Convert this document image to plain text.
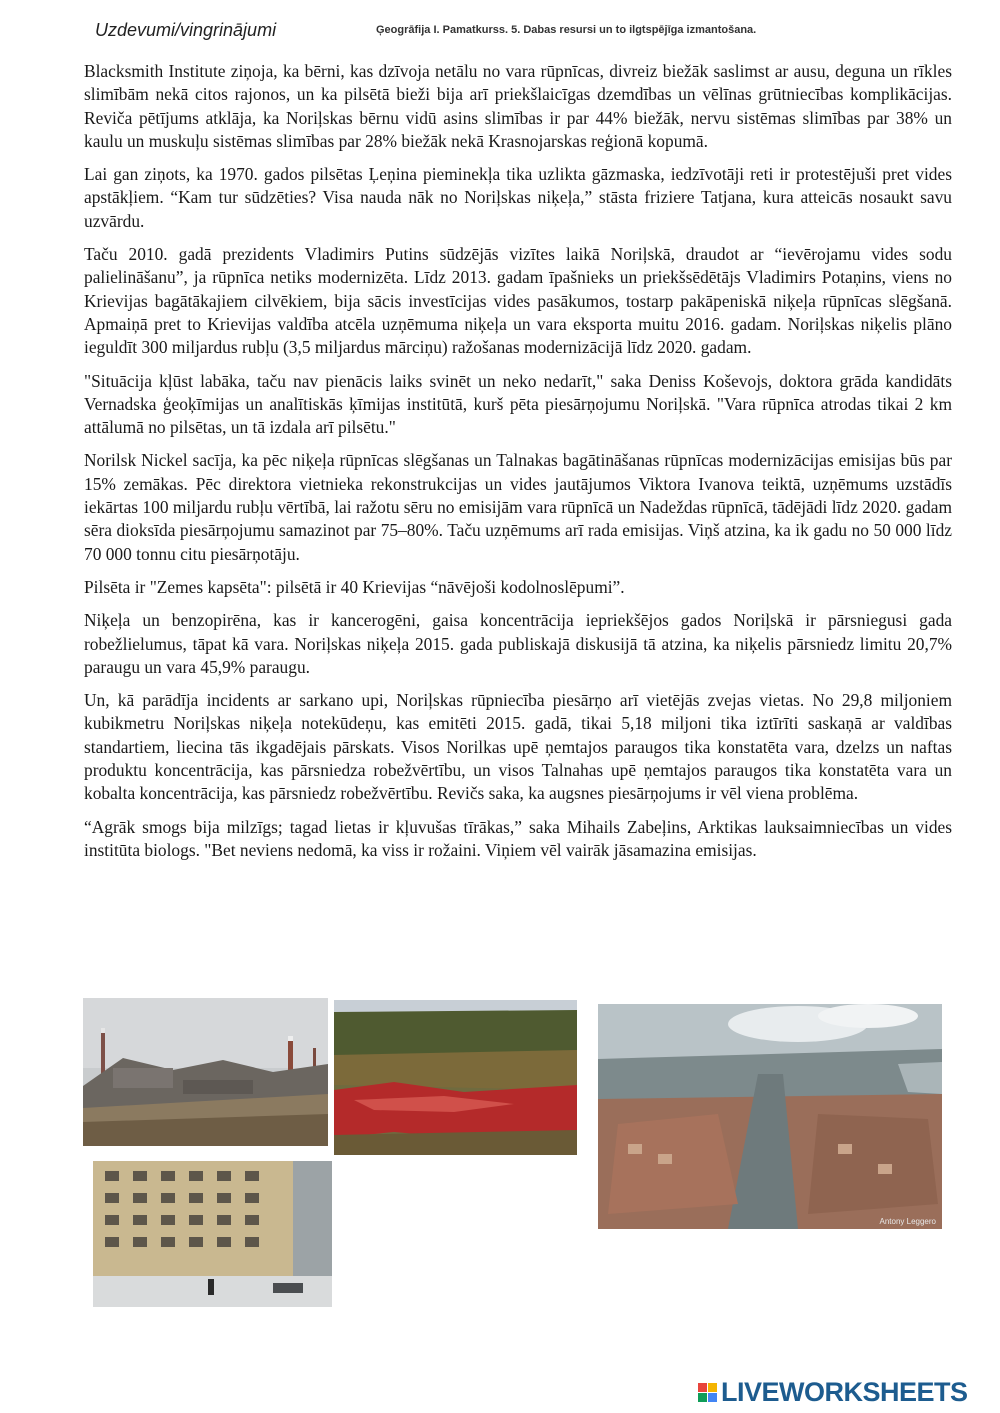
Uzdevumi/vingrinājumi	Ģeogrāfija I. Pamatkurss. 5. Dabas resursi un to ilgtspējīga izmantošana.

Blacksmith Institute ziņoja, ka bērni, kas dzīvoja netālu no vara rūpnīcas, divreiz biežāk saslimst ar ausu, deguna un rīkles slimībām nekā citos rajonos, un ka pilsētā bieži bija arī priekšlaicīgas dzemdības un vēlīnas grūtniecības komplikācijas. Reviča pētījums atklāja, ka Noriļskas bērnu vidū asins slimības ir par 44% biežāk, nervu sistēmas slimības par 38% un kaulu un muskuļu sistēmas slimības par 28% biežāk nekā Krasnojarskas reģionā kopumā.

Lai gan ziņots, ka 1970. gados pilsētas Ļeņina pieminekļa tika uzlikta gāzmaska, iedzīvotāji reti ir protestējuši pret vides apstākļiem. “Kam tur sūdzēties? Visa nauda nāk no Noriļskas niķeļa,” stāsta friziere Tatjana, kura atteicās nosaukt savu uzvārdu.

Taču 2010. gadā prezidents Vladimirs Putins sūdzējās vizītes laikā Noriļskā, draudot ar “ievērojamu vides sodu palielināšanu”, ja rūpnīca netiks modernizēta. Līdz 2013. gadam īpašnieks un priekšsēdētājs Vladimirs Potaņins, viens no Krievijas bagātākajiem cilvēkiem, bija sācis investīcijas vides pasākumos, tostarp pakāpeniskā niķeļa rūpnīcas slēgšanā. Apmaiņā pret to Krievijas valdība atcēla uzņēmuma niķeļa un vara eksporta muitu 2016. gadam. Noriļskas niķelis plāno ieguldīt 300 miljardus rubļu (3,5 miljardus mārciņu) ražošanas modernizācijā līdz 2020. gadam.

"Situācija kļūst labāka, taču nav pienācis laiks svinēt un neko nedarīt," saka Deniss Koševojs, doktora grāda kandidāts Vernadska ģeoķīmijas un analītiskās ķīmijas institūtā, kurš pēta piesārņojumu Noriļskā. "Vara rūpnīca atrodas tikai 2 km attālumā no pilsētas, un tā izdala arī pilsētu."

Norilsk Nickel sacīja, ka pēc niķeļa rūpnīcas slēgšanas un Talnakas bagātināšanas rūpnīcas modernizācijas emisijas būs par 15% zemākas. Pēc direktora vietnieka rekonstrukcijas un vides jautājumos Viktora Ivanova teiktā, uzņēmums uzstādīs iekārtas 100 miljardu rubļu vērtībā, lai ražotu sēru no emisijām vara rūpnīcā un Nadeždas rūpnīcā, tādējādi līdz 2020. gadam sēra dioksīda piesārņojumu samazinot par 75–80%. Taču uzņēmums arī rada emisijas. Viņš atzina, ka ik gadu no 50 000 līdz 70 000 tonnu citu piesārņotāju.

Pilsēta ir "Zemes kapsēta": pilsētā ir 40 Krievijas “nāvējoši kodolnoslēpumi”.

Niķeļa un benzopirēna, kas ir kancerogēni, gaisa koncentrācija iepriekšējos gados Noriļskā ir pārsniegusi gada robežlielumus, tāpat kā vara. Noriļskas niķeļa 2015. gada publiskajā diskusijā tā atzina, ka niķelis pārsniedz limitu 20,7% paraugu un vara 45,9% paraugu.

Un, kā parādīja incidents ar sarkano upi, Noriļskas rūpniecība piesārņo arī vietējās zvejas vietas. No 29,8 miljoniem kubikmetru Noriļskas niķeļa notekūdeņu, kas emitēti 2015. gadā, tikai 5,18 miljoni tika iztīrīti saskaņā ar valdības standartiem, liecina tās ikgadējais pārskats. Visos Norilkas upē ņemtajos paraugos tika konstatēta vara, dzelzs un naftas produktu koncentrācija, kas pārsniedza robežvērtību, un visos Talnahas upē ņemtajos paraugos tika konstatēta vara un kobalta koncentrācija, kas pārsniedz robežvērtību. Revičs saka, ka augsnes piesārņojums ir vēl viena problēma.

“Agrāk smogs bija milzīgs; tagad lietas ir kļuvušas tīrākas,” saka Mihails Zabeļins, Arktikas lauksaimniecības un vides institūta biologs. "Bet neviens nedomā, ka viss ir rožaini. Viņiem vēl vairāk jāsamazina emisijas.

Antony Leggero
LIVEWORKSHEETS
